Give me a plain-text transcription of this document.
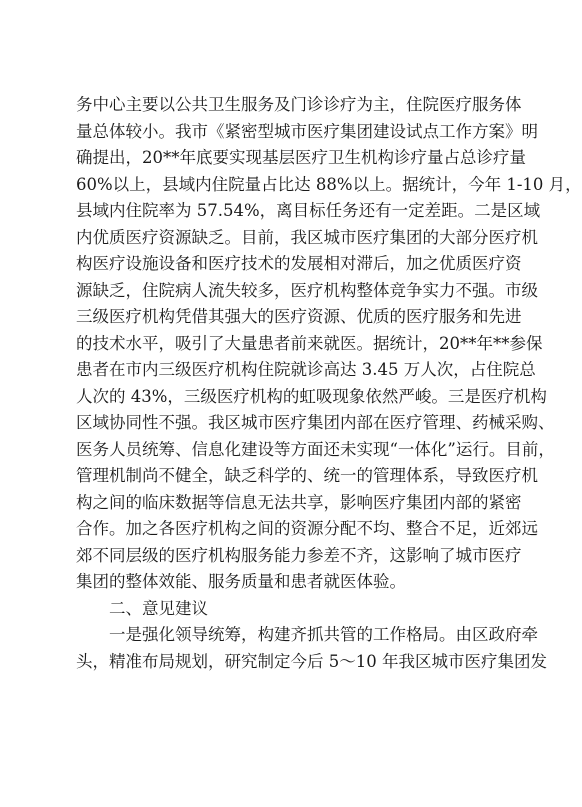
务中心主要以公共卫生服务及门诊诊疗为主，住院医疗服务体
量总体较小。我市《紧密型城市医疗集团建设试点工作方案》明
确提出，20**年底要实现基层医疗卫生机构诊疗量占总诊疗量
60%以上，县域内住院量占比达 88%以上。据统计，今年 1-10 月，
县域内住院率为 57.54%，离目标任务还有一定差距。二是区域
内优质医疗资源缺乏。目前，我区城市医疗集团的大部分医疗机
构医疗设施设备和医疗技术的发展相对滞后，加之优质医疗资
源缺乏，住院病人流失较多，医疗机构整体竞争实力不强。市级
三级医疗机构凭借其强大的医疗资源、优质的医疗服务和先进
的技术水平，吸引了大量患者前来就医。据统计，20**年**参保
患者在市内三级医疗机构住院就诊高达 3.45 万人次，占住院总
人次的 43%，三级医疗机构的虹吸现象依然严峻。三是医疗机构
区域协同性不强。我区城市医疗集团内部在医疗管理、药械采购、
医务人员统筹、信息化建设等方面还未实现“一体化”运行。目前，
管理机制尚不健全，缺乏科学的、统一的管理体系，导致医疗机
构之间的临床数据等信息无法共享，影响医疗集团内部的紧密
合作。加之各医疗机构之间的资源分配不均、整合不足，近郊远
郊不同层级的医疗机构服务能力参差不齐，这影响了城市医疗
集团的整体效能、服务质量和患者就医体验。
二、意见建议
一是强化领导统筹，构建齐抓共管的工作格局。由区政府牵
头，精准布局规划，研究制定今后 5～10 年我区城市医疗集团发
